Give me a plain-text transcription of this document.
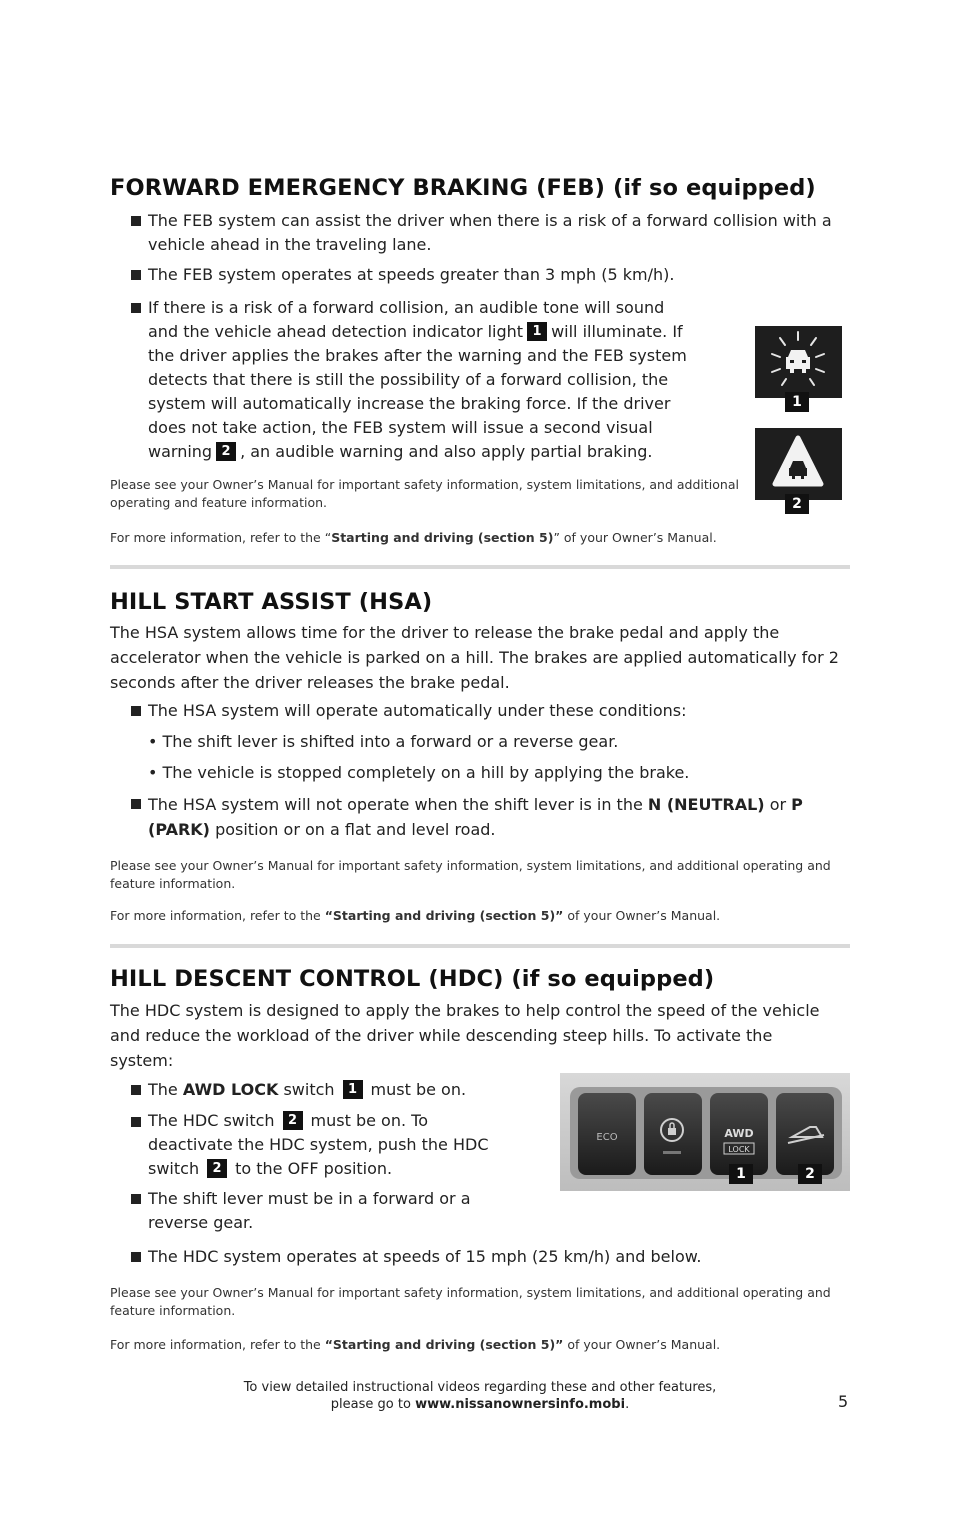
FORWARD EMERGENCY BRAKING (FEB) (if so equipped)
The FEB system can assist the driver when there is a risk of a forward collision with a vehicle ahead in the traveling lane.
The FEB system operates at speeds greater than 3 mph (5 km/h).
If there is a risk of a forward collision, an audible tone will sound
and the vehicle ahead detection indicator light 1 will illuminate. If
the driver applies the brakes after the warning and the FEB system
detects that there is still the possibility of a forward collision, the
system will automatically increase the braking force. If the driver
does not take action, the FEB system will issue a second visual
warning 2 , an audible warning and also apply partial braking.
1
2
Please see your Owner’s Manual for important safety information, system limitations, and additional operating and feature information.
For more information, refer to the “Starting and driving (section 5)” of your Owner’s Manual.
HILL START ASSIST (HSA)
The HSA system allows time for the driver to release the brake pedal and apply the accelerator when the vehicle is parked on a hill. The brakes are applied automatically for 2 seconds after the driver releases the brake pedal.
The HSA system will operate automatically under these conditions:
• The shift lever is shifted into a forward or a reverse gear.
• The vehicle is stopped completely on a hill by applying the brake.
The HSA system will not operate when the shift lever is in the N (NEUTRAL) or P
(PARK) position or on a flat and level road.
Please see your Owner’s Manual for important safety information, system limitations, and additional operating and feature information.
For more information, refer to the “Starting and driving (section 5)” of your Owner’s Manual.
HILL DESCENT CONTROL (HDC) (if so equipped)
The HDC system is designed to apply the brakes to help control the speed of the vehicle and reduce the workload of the driver while descending steep hills. To activate the system:
The AWD LOCK switch 1 must be on.
The HDC switch 2 must be on. To
deactivate the HDC system, push the HDC
switch 2 to the OFF position.
The shift lever must be in a forward or a
reverse gear.
The HDC system operates at speeds of 15 mph (25 km/h) and below.
ECO	AWD
LOCK
1	2
Please see your Owner’s Manual for important safety information, system limitations, and additional operating and feature information.
For more information, refer to the “Starting and driving (section 5)” of your Owner’s Manual.
To view detailed instructional videos regarding these and other features,
please go to www.nissanownersinfo.mobi.	5
